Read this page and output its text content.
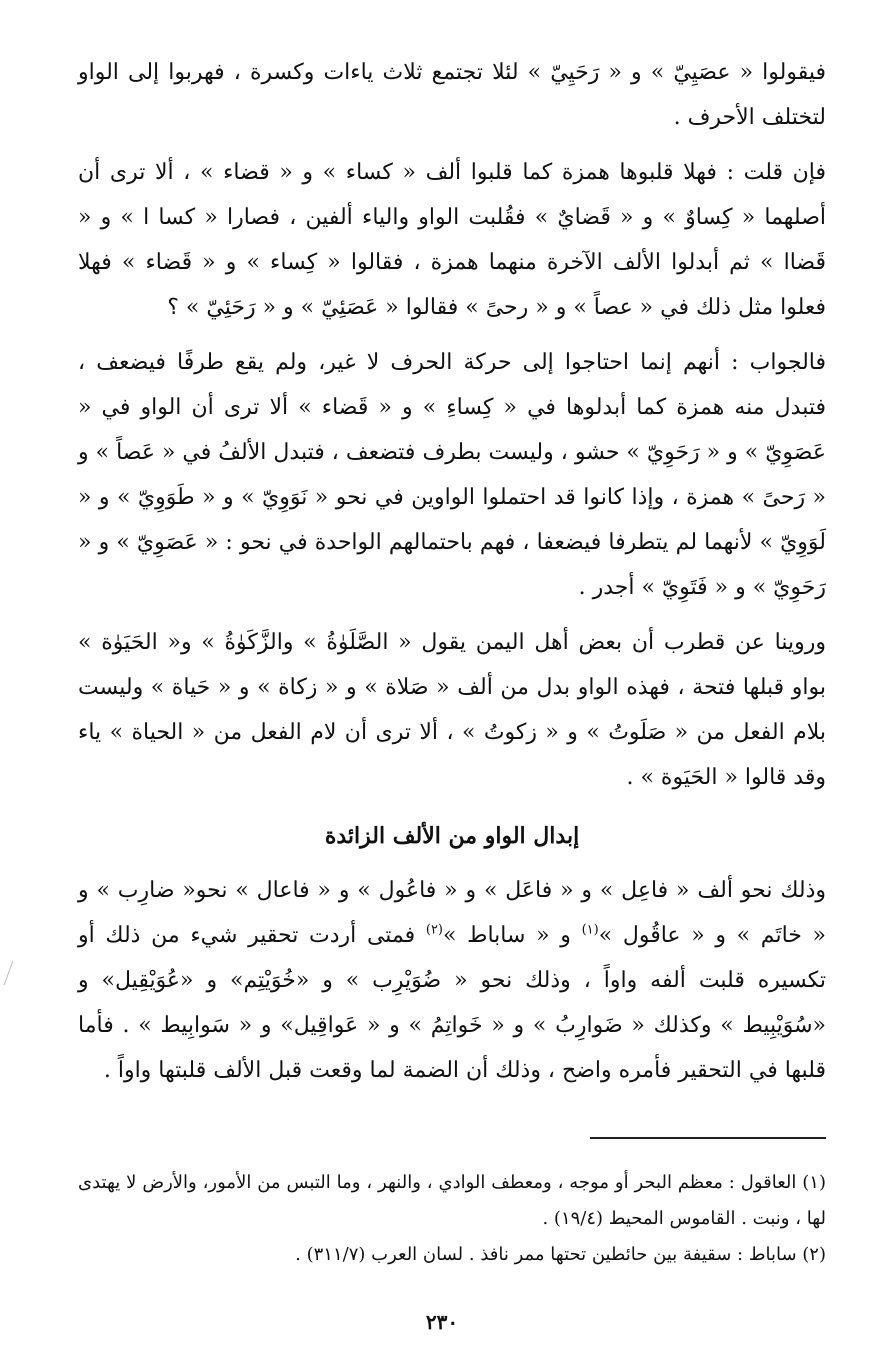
فيقولوا « عصَيِيّ » و « رَحَيِيّ » لئلا تجتمع ثلاث ياءات وكسرة ، فهربوا إلى الواو لتختلف الأحرف .

فإن قلت : فهلا قلبوها همزة كما قلبوا ألف « كساء » و « قضاء » ، ألا ترى أن أصلهما « كِساوٌ » و « قَضايٌ » فقُلبت الواو والياء ألفين ، فصارا « كسا ا » و « قَضاا » ثم أبدلوا الألف الآخرة منهما همزة ، فقالوا « كِساء » و « قَضاء » فهلا فعلوا مثل ذلك في « عصاً » و « رحىً » فقالوا « عَصَئِيّ » و « رَحَئِيّ » ؟

فالجواب : أنهم إنما احتاجوا إلى حركة الحرف لا غير، ولم يقع طرفًا فيضعف ، فتبدل منه همزة كما أبدلوها في « كِساءِ » و « قَضاء » ألا ترى أن الواو في « عَصَوِيّ » و « رَحَوِيّ » حشو ، وليست بطرف فتضعف ، فتبدل الألفُ في « عَصاً » و « رَحىً » همزة ، وإذا كانوا قد احتملوا الواوين في نحو « نَوَوِيّ » و « طَوَوِيّ » و « لَوَوِيّ » لأنهما لم يتطرفا فيضعفا ، فهم باحتمالهم الواحدة في نحو : « عَصَوِيّ » و « رَحَوِيّ » و « فَتَوِيّ » أجدر .

وروينا عن قطرب أن بعض أهل اليمن يقول « الصَّلَوٰةُ » والزَّكَوٰةُ » و« الحَيَوٰة » بواو قبلها فتحة ، فهذه الواو بدل من ألف « صَلاة » و « زكاة » و « حَياة » وليست بلام الفعل من « صَلَوتُ » و « زكوتُ » ، ألا ترى أن لام الفعل من « الحياة » ياء وقد قالوا « الحَيَوة » .

إبدال الواو من الألف الزائدة

وذلك نحو ألف « فاعِل » و « فاعَل » و « فاعُول » و « فاعال » نحو« ضارِب » و « خاتَم » و « عاقُول »$^{(١)}$ و « ساباط »$^{(٢)}$ فمتى أردت تحقير شيء من ذلك أو تكسيره قلبت ألفه واواً ، وذلك نحو « ضُوَيْرِب » و «خُوَيْتِم» و «عُوَيْقِيل» و «سُوَيْبِيط » وكذلك « ضَوارِبُ » و « خَواتِمُ » و « عَواقِيل» و « سَوابِيط » . فأما قلبها في التحقير فأمره واضح ، وذلك أن الضمة لما وقعت قبل الألف قلبتها واواً .

(١) العاقول : معظم البحر أو موجه ، ومعطف الوادي ، والنهر ، وما التبس من الأمور، والأرض لا يهتدى لها ، ونبت . القاموس المحيط (١٩/٤) .

(٢) ساباط : سقيفة بين حائطين تحتها ممر نافذ . لسان العرب (٣١١/٧) .

٢٣٠
